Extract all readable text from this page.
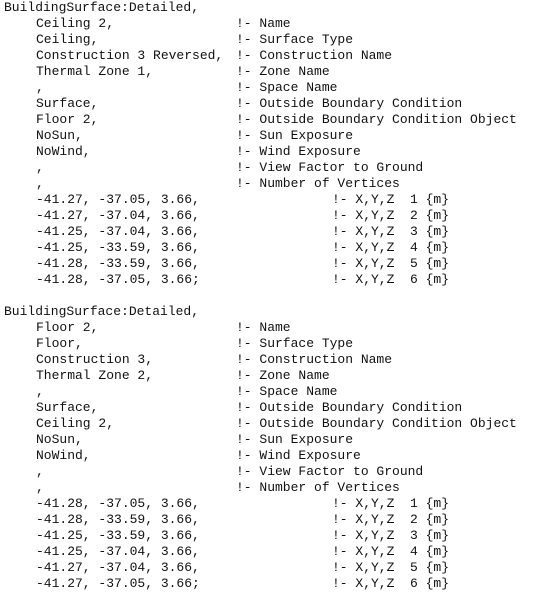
BuildingSurface:Detailed,
Ceiling 2,	!- Name
Ceiling,	!- Surface Type
Construction 3 Reversed, !- Construction Name
Thermal Zone 1,	!- Zone Name
,	!- Space Name
Surface,	!- Outside Boundary Condition
Floor 2,	!- Outside Boundary Condition Object
NoSun,	!- Sun Exposure
NoWind,	!- Wind Exposure
,	!- View Factor to Ground
,	!- Number of Vertices
-41.27, -37.05, 3.66,	!- X,Y,Z  1 {m}
-41.27, -37.04, 3.66,	!- X,Y,Z  2 {m}
-41.25, -37.04, 3.66,	!- X,Y,Z  3 {m}
-41.25, -33.59, 3.66,	!- X,Y,Z  4 {m}
-41.28, -33.59, 3.66,	!- X,Y,Z  5 {m}
-41.28, -37.05, 3.66;	!- X,Y,Z  6 {m}
BuildingSurface:Detailed,
Floor 2,	!- Name
Floor,	!- Surface Type
Construction 3,	!- Construction Name
Thermal Zone 2,	!- Zone Name
,	!- Space Name
Surface,	!- Outside Boundary Condition
Ceiling 2,	!- Outside Boundary Condition Object
NoSun,	!- Sun Exposure
NoWind,	!- Wind Exposure
,	!- View Factor to Ground
,	!- Number of Vertices
-41.28, -37.05, 3.66,	!- X,Y,Z  1 {m}
-41.28, -33.59, 3.66,	!- X,Y,Z  2 {m}
-41.25, -33.59, 3.66,	!- X,Y,Z  3 {m}
-41.25, -37.04, 3.66,	!- X,Y,Z  4 {m}
-41.27, -37.04, 3.66,	!- X,Y,Z  5 {m}
-41.27, -37.05, 3.66;	!- X,Y,Z  6 {m}
